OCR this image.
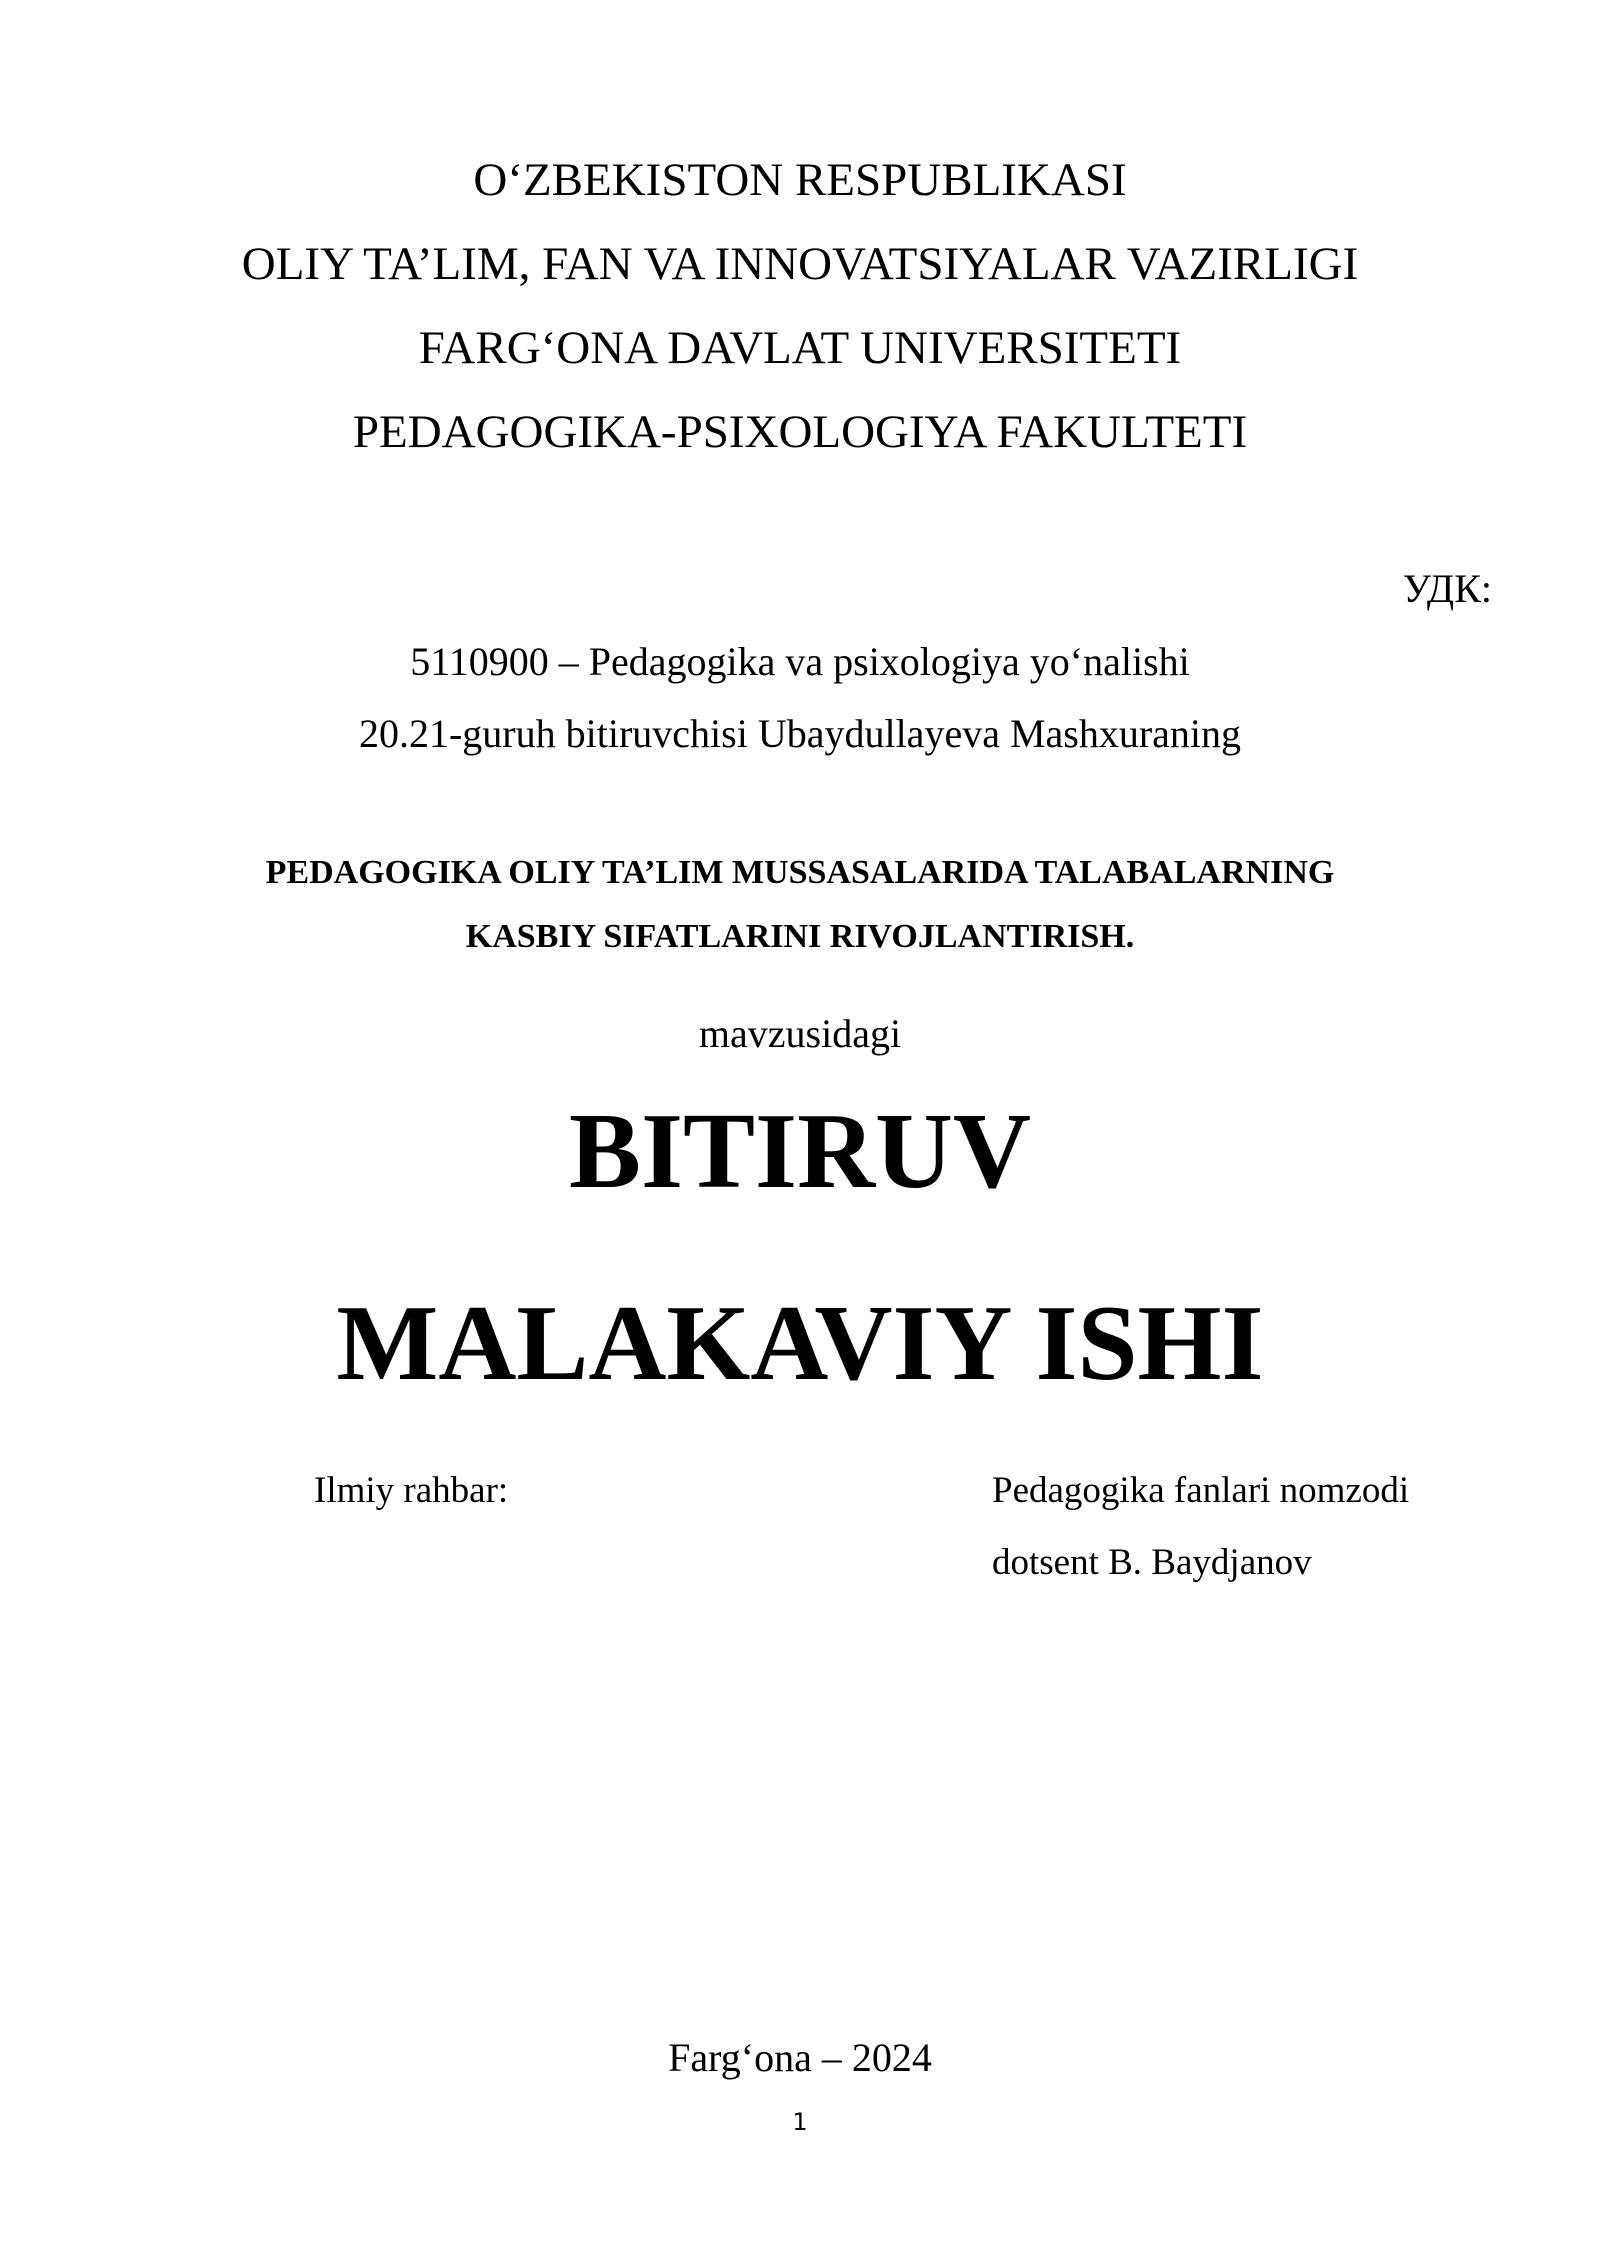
O‘ZBEKISTON RESPUBLIKASI
OLIY TA’LIM, FAN VA INNOVATSIYALAR VAZIRLIGI
FARG‘ONA DAVLAT UNIVERSITETI
PEDAGOGIKA-PSIXOLOGIYA FAKULTETI
УДК:
5110900 – Pedagogika va psixologiya yo‘nalishi
20.21-guruh bitiruvchisi Ubaydullayeva Mashxuraning
PEDAGOGIKA OLIY TA’LIM MUSSASALARIDA TALABALARNING
KASBIY SIFATLARINI RIVOJLANTIRISH.
mavzusidagi
BITIRUV
MALAKAVIY ISHI
Ilmiy rahbar:	Pedagogika fanlari nomzodi
dotsent B. Baydjanov
Farg‘ona – 2024
1
